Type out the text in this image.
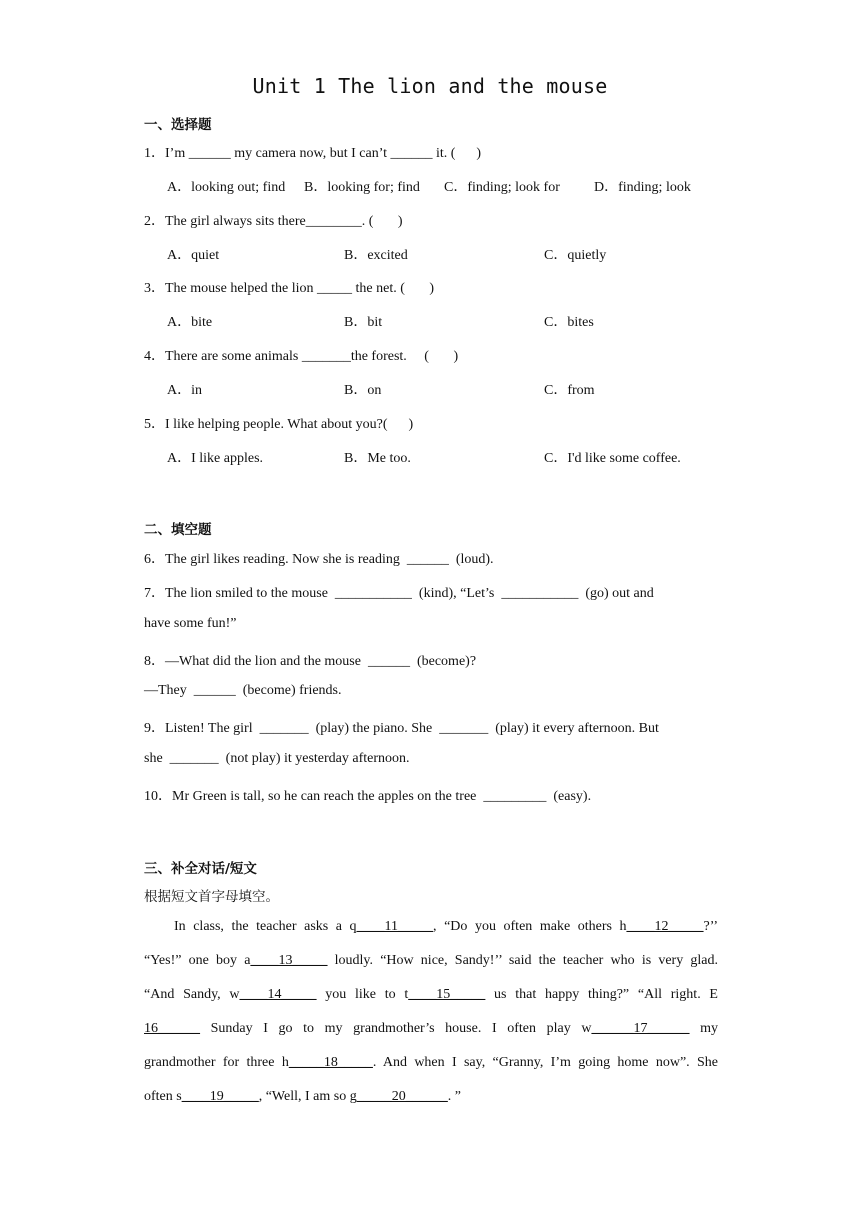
Unit 1 The lion and the mouse
一、选择题
1．I’m ______ my camera now, but I can’t ______ it. (      )
A．looking out; find B．looking for; find C．finding; look for D．finding; look
2．The girl always sits there________. (       )
A．quiet	B．excited	C．quietly
3．The mouse helped the lion _____ the net. (       )
A．bite	B．bit	C．bites
4．There are some animals _______the forest.     (       )
A．in	B．on	C．from
5．I like helping people. What about you?(      )
A．I like apples.	B．Me too.	C．I'd like some coffee.
二、填空题
6．The girl likes reading. Now she is reading  ______  (loud).
7．The lion smiled to the mouse  ___________  (kind), “Let’s  ___________  (go) out and
have some fun!”
8．—What did the lion and the mouse  ______  (become)?
—They  ______  (become) friends.
9．Listen! The girl  _______  (play) the piano. She  _______  (play) it every afternoon. But
she  _______  (not play) it yesterday afternoon.
10．Mr Green is tall, so he can reach the apples on the tree  _________  (easy).
三、补全对话/短文
根据短文首字母填空。
In class, the teacher asks a q____11_____, “Do you often make others h____12_____?’’
“Yes!” one boy a____13_____ loudly. “How nice, Sandy!’’ said the teacher who is very glad.
“And Sandy, w____14_____ you like to t____15_____ us that happy thing?” “All right. E
16______ Sunday I go to my grandmother’s house. I often play w______17______ my
grandmother for three h_____18_____. And when I say, “Granny, I’m going home now”. She
often s____19_____, “Well, I am so g_____20______. ”
